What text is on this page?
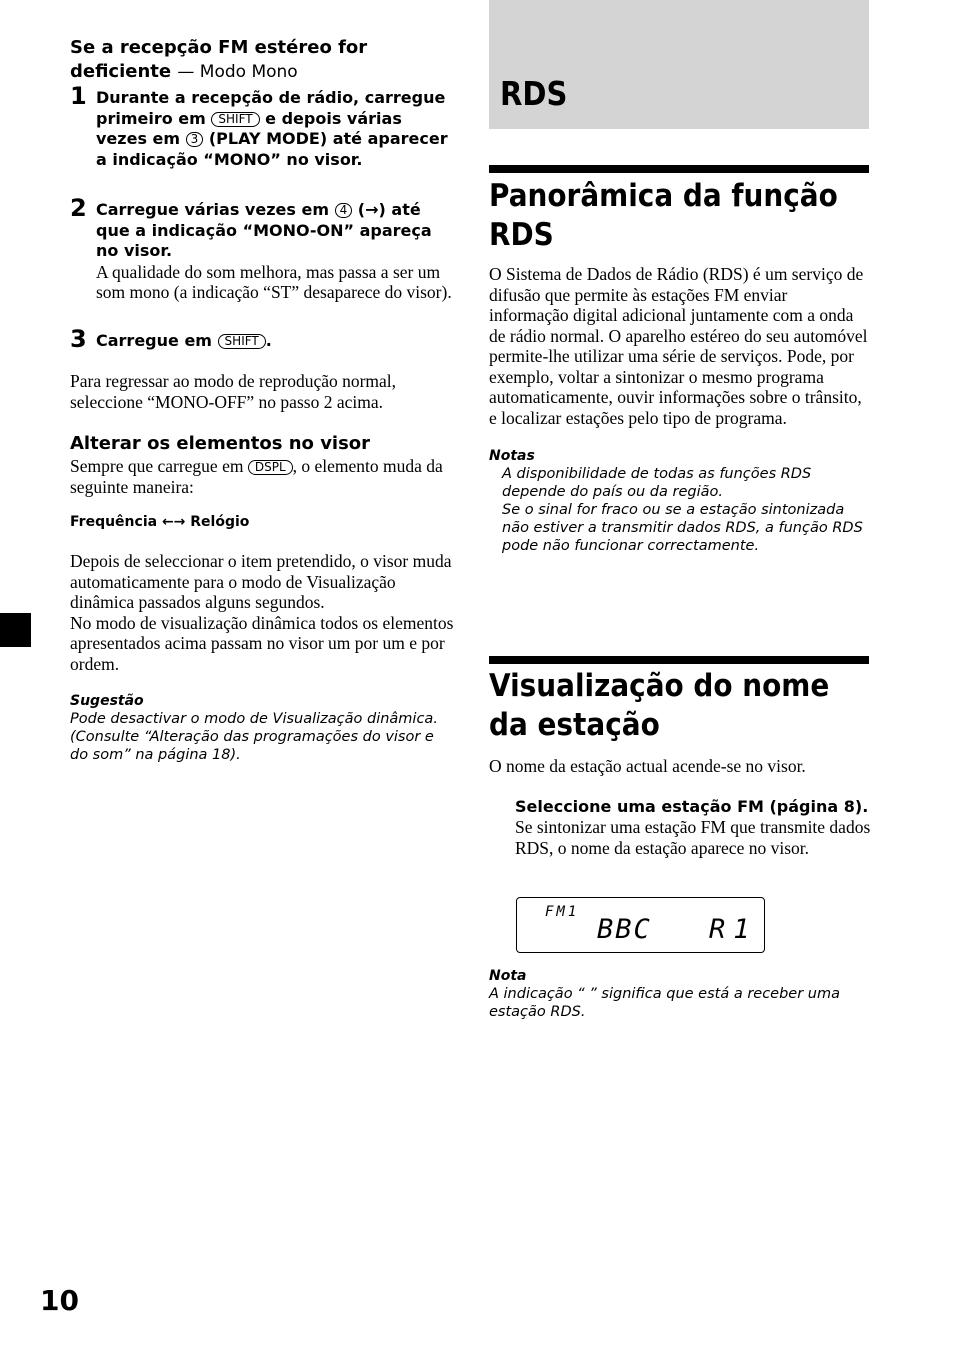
Se a recepção FM estéreo for deficiente — Modo Mono
1 Durante a recepção de rádio, carregue primeiro em SHIFT e depois várias vezes em 3 (PLAY MODE) até aparecer a indicação “MONO” no visor.
2 Carregue várias vezes em 4 (→) até que a indicação “MONO-ON” apareça no visor.
A qualidade do som melhora, mas passa a ser um som mono (a indicação “ST” desaparece do visor).
3 Carregue em SHIFT .
Para regressar ao modo de reprodução normal, seleccione “MONO-OFF” no passo 2 acima.
Alterar os elementos no visor
Sempre que carregue em DSPL , o elemento muda da seguinte maneira:
Frequência ←→ Relógio
Depois de seleccionar o item pretendido, o visor muda automaticamente para o modo de Visualização dinâmica passados alguns segundos.
No modo de visualização dinâmica todos os elementos apresentados acima passam no visor um por um e por ordem.
Sugestão
Pode desactivar o modo de Visualização dinâmica. (Consulte “Alteração das programações do visor e do som” na página 18).
RDS
Panorâmica da função RDS
O Sistema de Dados de Rádio (RDS) é um serviço de difusão que permite às estações FM enviar informação digital adicional juntamente com a onda de rádio normal. O aparelho estéreo do seu automóvel permite-lhe utilizar uma série de serviços. Pode, por exemplo, voltar a sintonizar o mesmo programa automaticamente, ouvir informações sobre o trânsito, e localizar estações pelo tipo de programa.
Notas
A disponibilidade de todas as funções RDS depende do país ou da região.
Se o sinal for fraco ou se a estação sintonizada não estiver a transmitir dados RDS, a função RDS pode não funcionar correctamente.
Visualização do nome da estação
O nome da estação actual acende-se no visor.
Seleccione uma estação FM (página 8).
Se sintonizar uma estação FM que transmite dados RDS, o nome da estação aparece no visor.
FM1
BBC R1
Nota
A indicação “ ” significa que está a receber uma estação RDS.
10
